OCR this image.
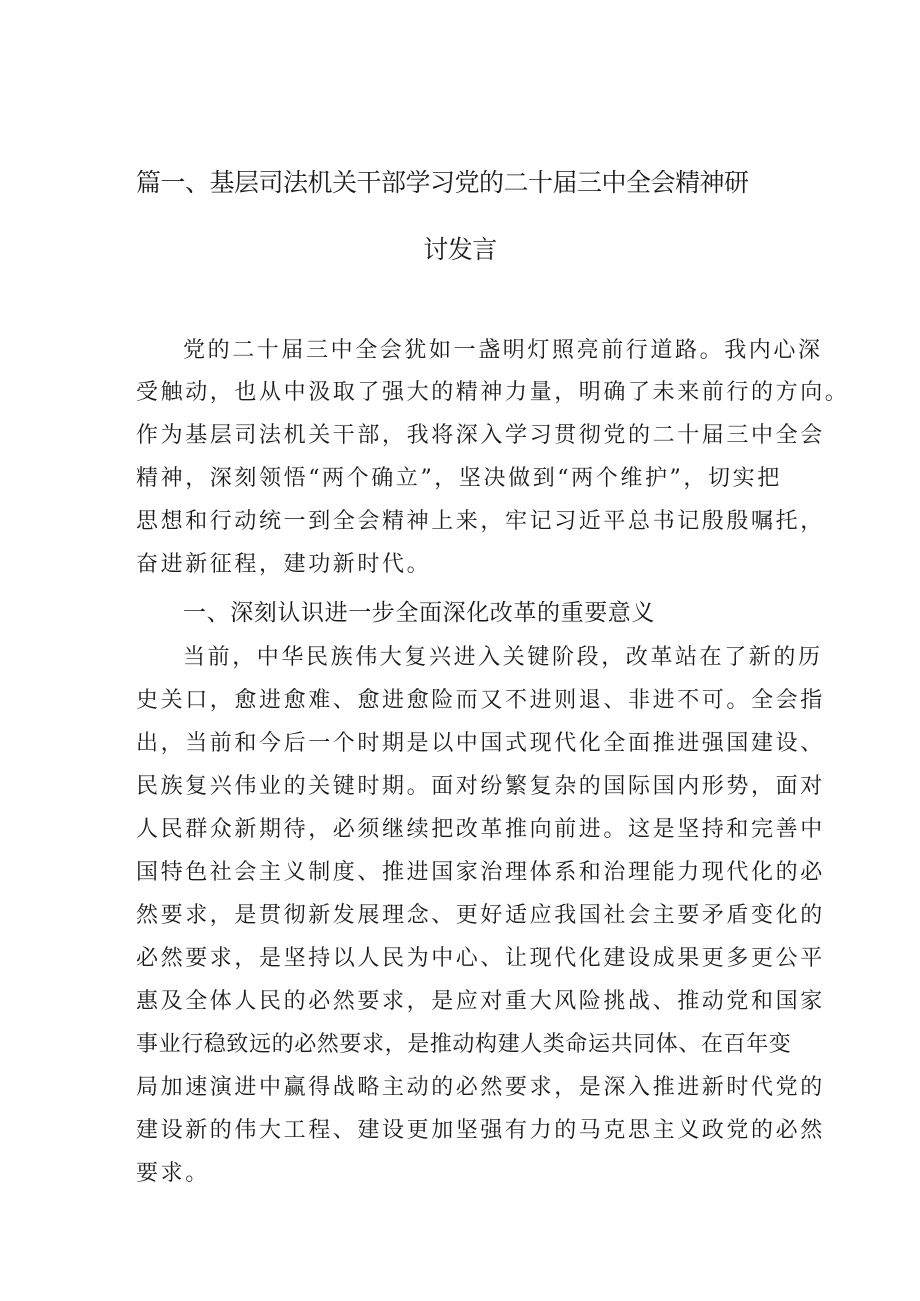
篇一、基层司法机关干部学习党的二十届三中全会精神研
讨发言
党的二十届三中全会犹如一盏明灯照亮前行道路。我内心深
受触动，也从中汲取了强大的精神力量，明确了未来前行的方向。
作为基层司法机关干部，我将深入学习贯彻党的二十届三中全会
精神，深刻领悟“两个确立”，坚决做到“两个维护”，切实把
思想和行动统一到全会精神上来，牢记习近平总书记殷殷嘱托，
奋进新征程，建功新时代。
一、深刻认识进一步全面深化改革的重要意义
当前，中华民族伟大复兴进入关键阶段，改革站在了新的历
史关口，愈进愈难、愈进愈险而又不进则退、非进不可。全会指
出，当前和今后一个时期是以中国式现代化全面推进强国建设、
民族复兴伟业的关键时期。面对纷繁复杂的国际国内形势，面对
人民群众新期待，必须继续把改革推向前进。这是坚持和完善中
国特色社会主义制度、推进国家治理体系和治理能力现代化的必
然要求，是贯彻新发展理念、更好适应我国社会主要矛盾变化的
必然要求，是坚持以人民为中心、让现代化建设成果更多更公平
惠及全体人民的必然要求，是应对重大风险挑战、推动党和国家
事业行稳致远的必然要求，是推动构建人类命运共同体、在百年变
局加速演进中赢得战略主动的必然要求，是深入推进新时代党的
建设新的伟大工程、建设更加坚强有力的马克思主义政党的必然
要求。
